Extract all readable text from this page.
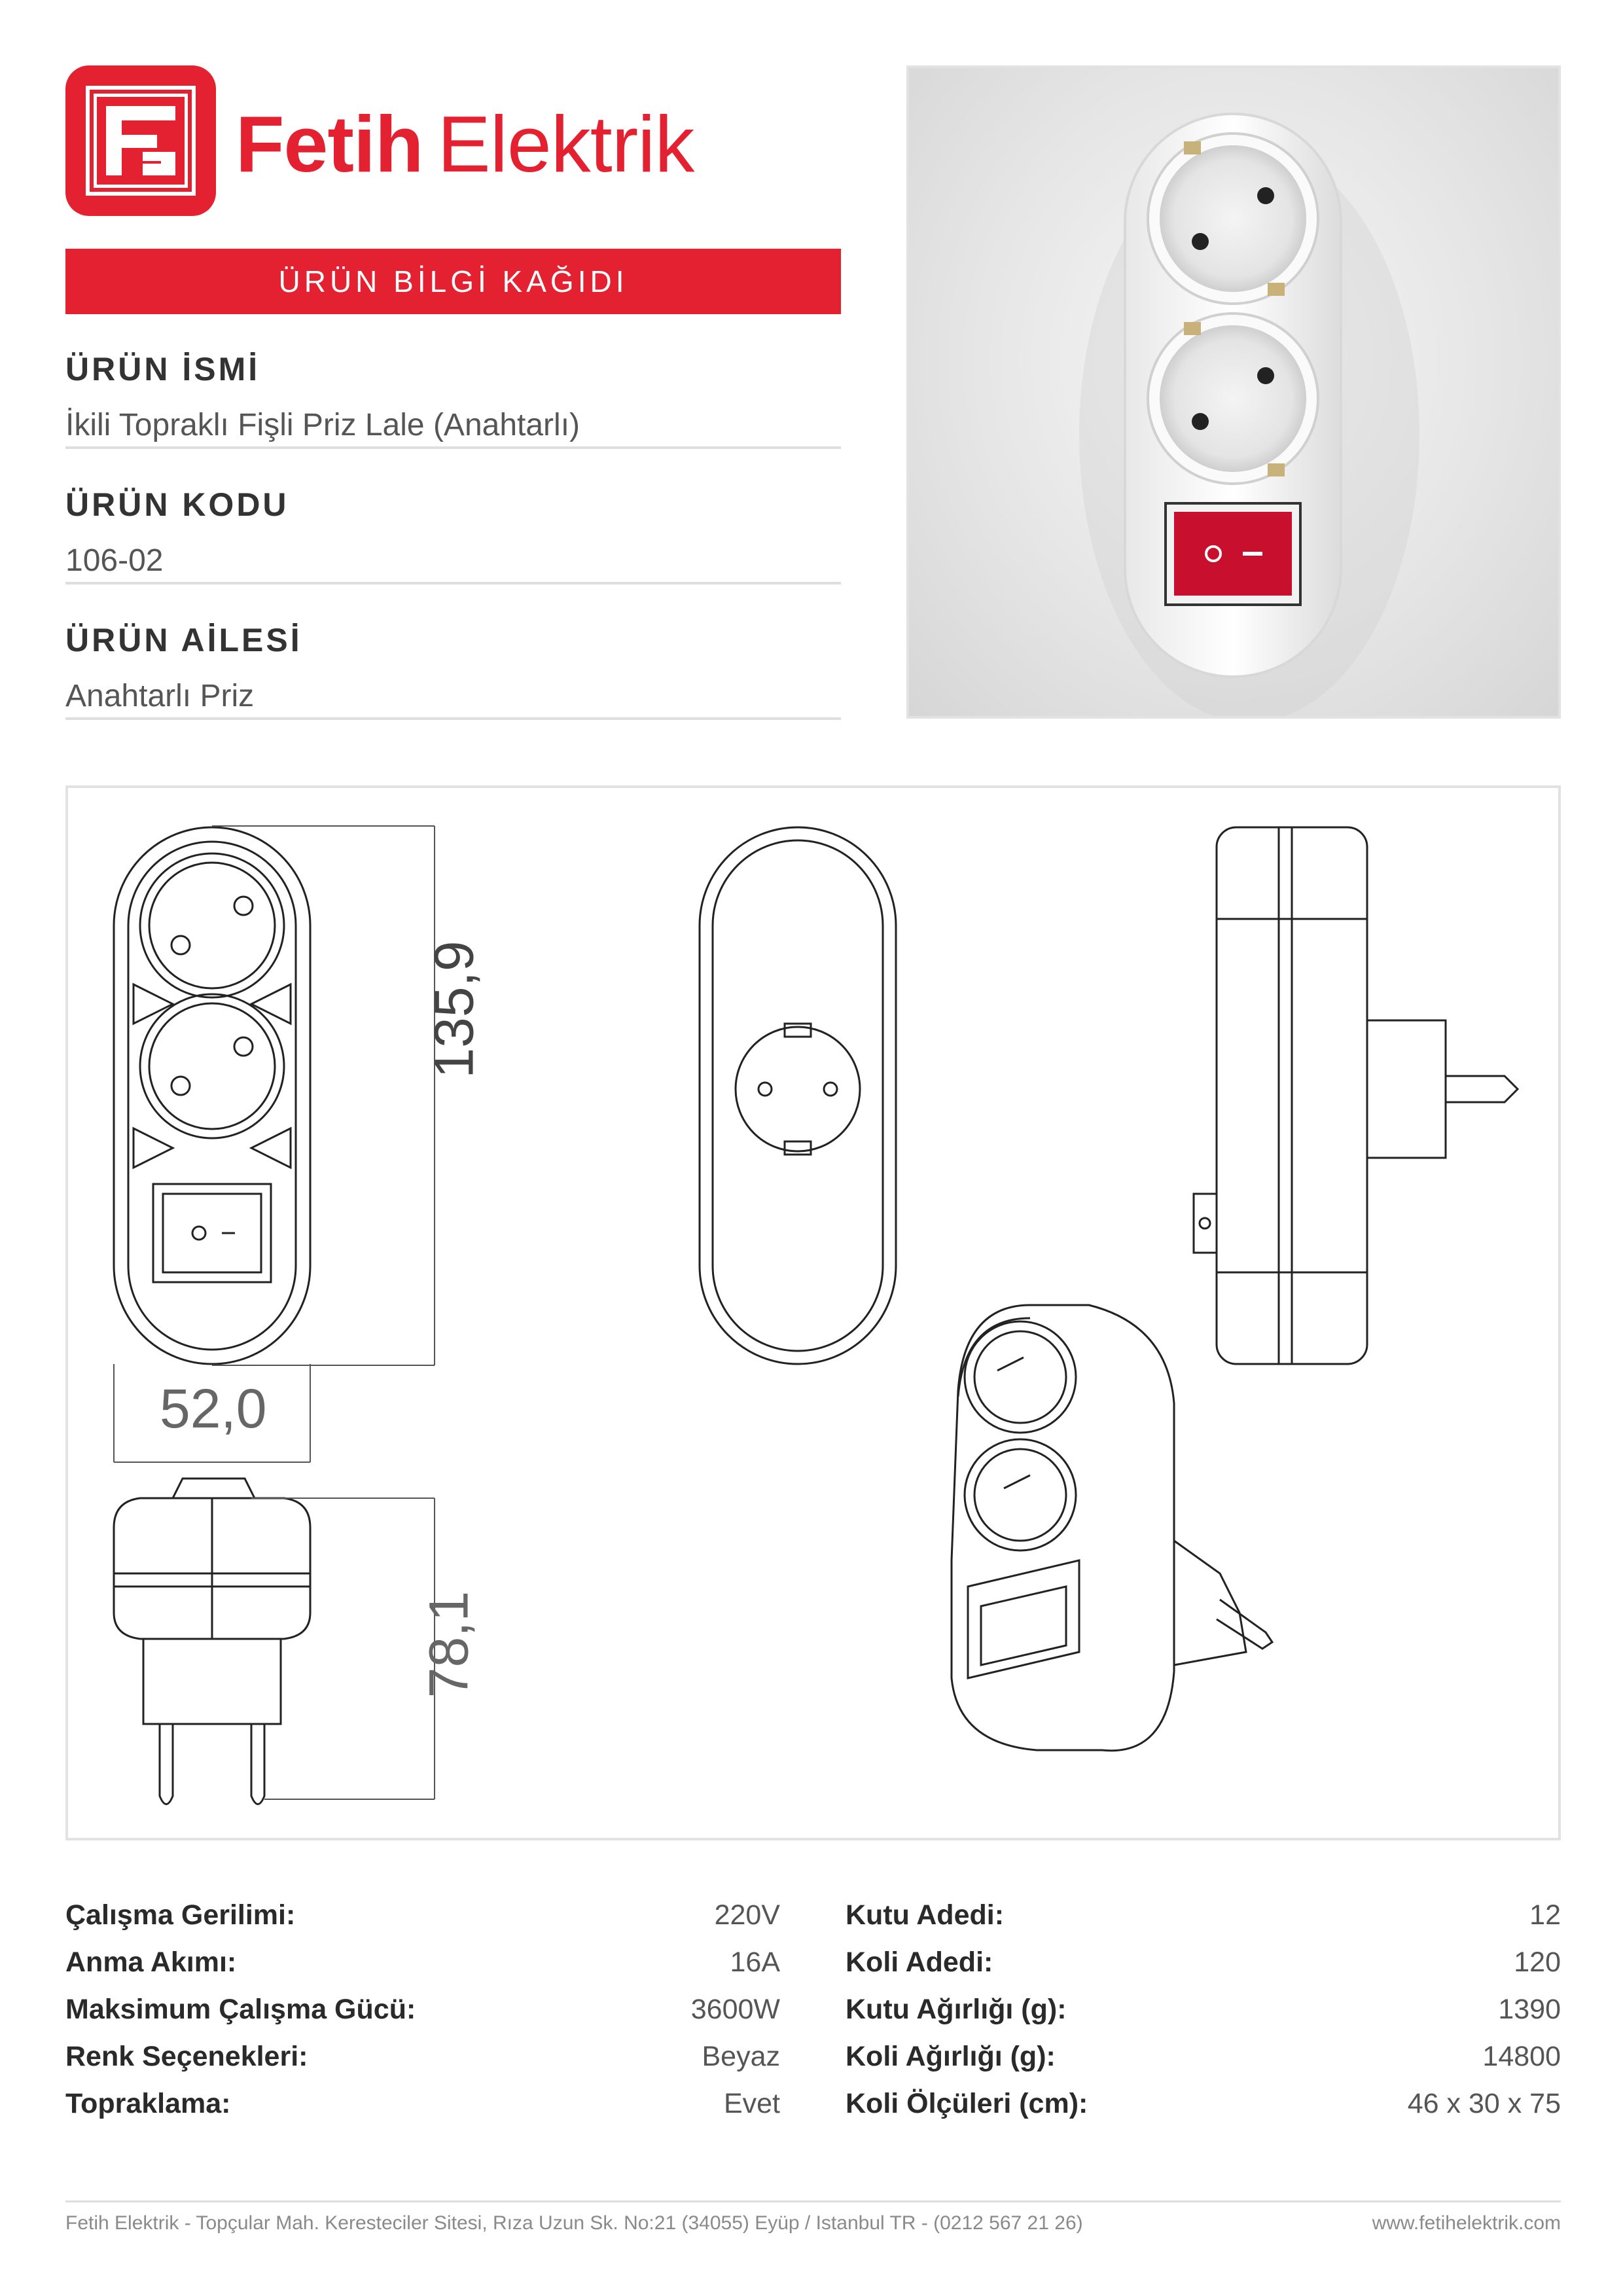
Fetih Elektrik
ÜRÜN BİLGİ KAĞIDI
ÜRÜN İSMİ
İkili Topraklı Fişli Priz Lale (Anahtarlı)
ÜRÜN KODU
106-02
ÜRÜN AİLESİ
Anahtarlı Priz
135,9
52,0
78,1
Çalışma Gerilimi:	220V
Anma Akımı:	16A
Maksimum Çalışma Gücü:	3600W
Renk Seçenekleri:	Beyaz
Topraklama:	Evet
Kutu Adedi:	12
Koli Adedi:	120
Kutu Ağırlığı (g):	1390
Koli Ağırlığı (g):	14800
Koli Ölçüleri (cm):	46 x 30 x 75
Fetih Elektrik - Topçular Mah. Keresteciler Sitesi, Rıza Uzun Sk. No:21 (34055) Eyüp / Istanbul TR - (0212 567 21 26)	www.fetihelektrik.com
